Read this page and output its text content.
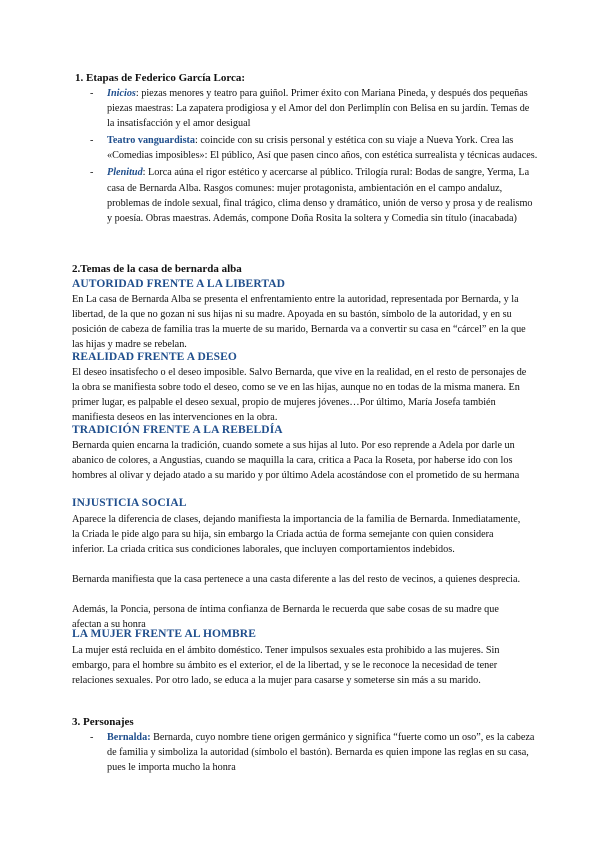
1. Etapas de Federico García Lorca:
- Inicios: piezas menores y teatro para guiñol. Primer éxito con Mariana Pineda, y después dos pequeñas piezas maestras: La zapatera prodigiosa y el Amor del don Perlimplín con Belisa en su jardín. Temas de la insatisfacción y el amor desigual
- Teatro vanguardista: coincide con su crisis personal y estética con su viaje a Nueva York. Crea las «Comedias imposibles»: El público, Así que pasen cinco años, con estética surrealista y técnicas audaces.
- Plenitud: Lorca aúna el rigor estético y acercarse al público. Trilogía rural: Bodas de sangre, Yerma, La casa de Bernarda Alba. Rasgos comunes: mujer protagonista, ambientación en el campo andaluz, problemas de índole sexual, final trágico, clima denso y dramático, unión de verso y prosa y de realismo y poesía. Obras maestras. Además, compone Doña Rosita la soltera y Comedia sin título (inacabada)
2.Temas de la casa de bernarda alba
AUTORIDAD FRENTE A LA LIBERTAD

En La casa de Bernarda Alba se presenta el enfrentamiento entre la autoridad, representada por Bernarda, y la libertad, de la que no gozan ni sus hijas ni su madre. Apoyada en su bastón, símbolo de la autoridad, y en su posición de cabeza de familia tras la muerte de su marido, Bernarda va a convertir su casa en “cárcel” en la que las hijas y madre se rebelan.

REALIDAD FRENTE A DESEO

El deseo insatisfecho o el deseo imposible. Salvo Bernarda, que vive en la realidad, en el resto de personajes de la obra se manifiesta sobre todo el deseo, como se ve en las hijas, aunque no en todas de la misma manera. En primer lugar, es palpable el deseo sexual, propio de mujeres jóvenes…Por último, María Josefa también manifiesta deseos en las intervenciones en la obra.

TRADICIÓN FRENTE A LA REBELDÍA

Bernarda quien encarna la tradición, cuando somete a sus hijas al luto. Por eso reprende a Adela por darle un abanico de colores, a Angustias, cuando se maquilla la cara, critica a Paca la Roseta, por haberse ido con los hombres al olivar y dejado atado a su marido y por último Adela acostándose con el prometido de su hermana

INJUSTICIA SOCIAL

Aparece la diferencia de clases, dejando manifiesta la importancia de la familia de Bernarda. Inmediatamente, la Criada le pide algo para su hija, sin embargo la Criada actúa de forma semejante con quien considera inferior. La criada critica sus condiciones laborales, que incluyen comportamientos indebidos.

Bernarda manifiesta que la casa pertenece a una casta diferente a las del resto de vecinos, a quienes desprecia.

Además, la Poncia, persona de íntima confianza de Bernarda le recuerda que sabe cosas de su madre que afectan a su honra

LA MUJER FRENTE AL HOMBRE

La mujer está recluida en el ámbito doméstico. Tener impulsos sexuales esta prohibido a las mujeres. Sin embargo, para el hombre su ámbito es el exterior, el de la libertad, y se le reconoce la necesidad de tener relaciones sexuales. Por otro lado, se educa a la mujer para casarse y someterse sin más a su marido.

3. Personajes
- Bernalda: Bernarda, cuyo nombre tiene origen germánico y significa “fuerte como un oso”, es la cabeza de familia y simboliza la autoridad (símbolo el bastón). Bernarda es quien impone las reglas en su casa, pues le importa mucho la honra
